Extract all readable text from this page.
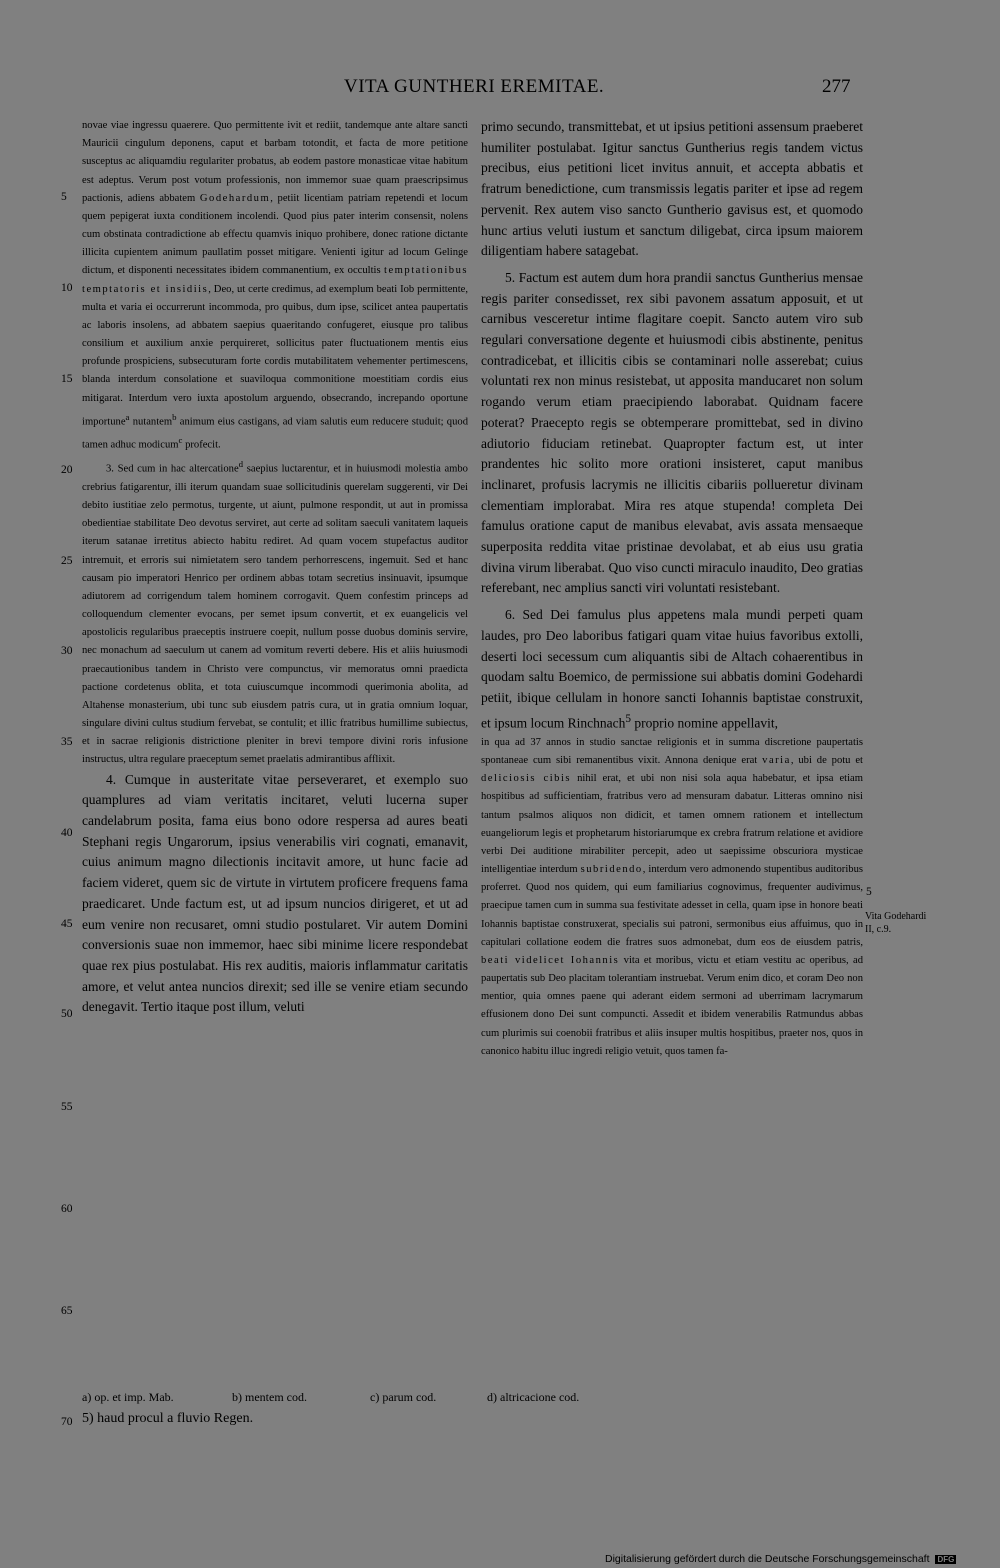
VITA GUNTHERI EREMITAE.	277
5
10
15
20
25
30
35
40
45
50
55
60
65
70

novae viae ingressu quaerere. Quo permittente ivit et rediit, tandemque ante altare sancti Mauricii cingulum deponens, caput et barbam totondit, et facta de more petitione susceptus ac aliquamdiu regulariter probatus, ab eodem pastore monasticae vitae habitum est adeptus. Verum post votum professionis, non immemor suae quam praescripsimus pactionis, adiens abbatem Godehardum, petiit licentiam patriam repetendi et locum quem pepigerat iuxta conditionem incolendi. Quod pius pater interim consensit, nolens cum obstinata contradictione ab effectu quamvis iniquo prohibere, donec ratione dictante illicita cupientem animum paullatim posset mitigare. Venienti igitur ad locum Gelinge dictum, et disponenti necessitates ibidem commanentium, ex occultis temptationibus temptatoris et insidiis, Deo, ut certe credimus, ad exemplum beati Iob permittente, multa et varia ei occurrerunt incommoda, pro quibus, dum ipse, scilicet antea paupertatis ac laboris insolens, ad abbatem saepius quaeritando confugeret, eiusque pro talibus consilium et auxilium anxie perquireret, sollicitus pater fluctuationem mentis eius profunde prospiciens, subsecuturam forte cordis mutabilitatem vehementer pertimescens, blanda interdum consolatione et suaviloqua commonitione moestitiam cordis eius mitigarat. Interdum vero iuxta apostolum arguendo, obsecrando, increpando oportune importune$^a$ nutantem$^b$ animum eius castigans, ad viam salutis eum reducere studuit; quod tamen adhuc modicum$^c$ profecit.

3. Sed cum in hac altercatione$^d$ saepius luctarentur, et in huiusmodi molestia ambo crebrius fatigarentur, illi iterum quandam suae sollicitudinis querelam suggerenti, vir Dei debito iustitiae zelo permotus, turgente, ut aiunt, pulmone respondit, ut aut in promissa obedientiae stabilitate Deo devotus serviret, aut certe ad solitam saeculi vanitatem laqueis iterum satanae irretitus abiecto habitu rediret. Ad quam vocem stupefactus auditor intremuit, et erroris sui nimietatem sero tandem perhorrescens, ingemuit. Sed et hanc causam pio imperatori Henrico per ordinem abbas totam secretius insinuavit, ipsumque adiutorem ad corrigendum talem hominem corrogavit. Quem confestim princeps ad colloquendum clementer evocans, per semet ipsum convertit, et ex euangelicis vel apostolicis regularibus praeceptis instruere coepit, nullum posse duobus dominis servire, nec monachum ad saeculum ut canem ad vomitum reverti debere. His et aliis huiusmodi praecautionibus tandem in Christo vere compunctus, vir memoratus omni praedicta pactione cordetenus oblita, et tota cuiuscumque incommodi querimonia abolita, ad Altahense monasterium, ubi tunc sub eiusdem patris cura, ut in gratia omnium loquar, singulare divini cultus studium fervebat, se contulit; et illic fratribus humillime subiectus, et in sacrae religionis districtione pleniter in brevi tempore divini roris infusione instructus, ultra regulare praeceptum semet praelatis admirantibus afflixit.

4. Cumque in austeritate vitae perseveraret, et exemplo suo quamplures ad viam veritatis incitaret, veluti lucerna super candelabrum posita, fama eius bono odore respersa ad aures beati Stephani regis Ungarorum, ipsius venerabilis viri cognati, emanavit, cuius animum magno dilectionis incitavit amore, ut hunc facie ad faciem videret, quem sic de virtute in virtutem proficere frequens fama praedicaret. Unde factum est, ut ad ipsum nuncios dirigeret, et ut ad eum venire non recusaret, omni studio postularet. Vir autem Domini conversionis suae non immemor, haec sibi minime licere respondebat quae rex pius postulabat. His rex auditis, maioris inflammatur caritatis amore, et velut antea nuncios direxit; sed ille se venire etiam secundo denegavit. Tertio itaque post illum, veluti

primo secundo, transmittebat, et ut ipsius petitioni assensum praeberet humiliter postulabat. Igitur sanctus Guntherius regis tandem victus precibus, eius petitioni licet invitus annuit, et accepta abbatis et fratrum benedictione, cum transmissis legatis pariter et ipse ad regem pervenit. Rex autem viso sancto Guntherio gavisus est, et quomodo hunc artius veluti iustum et sanctum diligebat, circa ipsum maiorem diligentiam habere satagebat.

5. Factum est autem dum hora prandii sanctus Guntherius mensae regis pariter consedisset, rex sibi pavonem assatum apposuit, et ut carnibus vesceretur intime flagitare coepit. Sancto autem viro sub regulari conversatione degente et huiusmodi cibis abstinente, penitus contradicebat, et illicitis cibis se contaminari nolle asserebat; cuius voluntati rex non minus resistebat, ut apposita manducaret non solum rogando verum etiam praecipiendo laborabat. Quidnam facere poterat? Praecepto regis se obtemperare promittebat, sed in divino adiutorio fiduciam retinebat. Quapropter factum est, ut inter prandentes hic solito more orationi insisteret, caput manibus inclinaret, profusis lacrymis ne illicitis cibariis pollueretur divinam clementiam implorabat. Mira res atque stupenda! completa Dei famulus oratione caput de manibus elevabat, avis assata mensaeque superposita reddita vitae pristinae devolabat, et ab eius usu gratia divina virum liberabat. Quo viso cuncti miraculo inaudito, Deo gratias referebant, nec amplius sancti viri voluntati resistebant.

6. Sed Dei famulus plus appetens mala mundi perpeti quam laudes, pro Deo laboribus fatigari quam vitae huius favoribus extolli, deserti loci secessum cum aliquantis sibi de Altach cohaerentibus in quodam saltu Boemico, de permissione sui abbatis domini Godehardi petiit, ibique cellulam in honore sancti Iohannis baptistae construxit, et ipsum locum Rinchnach$^5$ proprio nomine appellavit,

in qua ad 37 annos in studio sanctae religionis et in summa discretione paupertatis spontaneae cum sibi remanentibus vixit. Annona denique erat varia, ubi de potu et deliciosis cibis nihil erat, et ubi non nisi sola aqua habebatur, et ipsa etiam hospitibus ad sufficientiam, fratribus vero ad mensuram dabatur. Litteras omnino nisi tantum psalmos aliquos non didicit, et tamen omnem rationem et intellectum euangeliorum legis et prophetarum historiarumque ex crebra fratrum relatione et avidiore verbi Dei auditione mirabiliter percepit, adeo ut saepissime obscuriora mysticae intelligentiae interdum subridendo, interdum vero admonendo stupentibus auditoribus proferret. Quod nos quidem, qui eum familiarius cognovimus, frequenter audivimus, praecipue tamen cum in summa sua festivitate adesset in cella, quam ipse in honore beati Iohannis baptistae construxerat, specialis sui patroni, sermonibus eius affuimus, quo in capitulari collatione eodem die fratres suos admonebat, dum eos de eiusdem patris, beati videlicet Iohannis vita et moribus, victu et etiam vestitu ac operibus, ad paupertatis sub Deo placitam tolerantiam instruebat. Verum enim dico, et coram Deo non mentior, quia omnes paene qui aderant eidem sermoni ad uberrimam lacrymarum effusionem dono Dei sunt compuncti. Assedit et ibidem venerabilis Ratmundus abbas cum plurimis sui coenobii fratribus et aliis insuper multis hospitibus, praeter nos, quos in canonico habitu illuc ingredi religio vetuit, quos tamen fa-

5
Vita Godehardi II, c.9.
a) op. et imp. Mab.	b) mentem cod.	c) parum cod.	d) altricacione cod.
5) haud procul a fluvio Regen.
Digitalisierung gefördert durch die Deutsche Forschungsgemeinschaft DFG
